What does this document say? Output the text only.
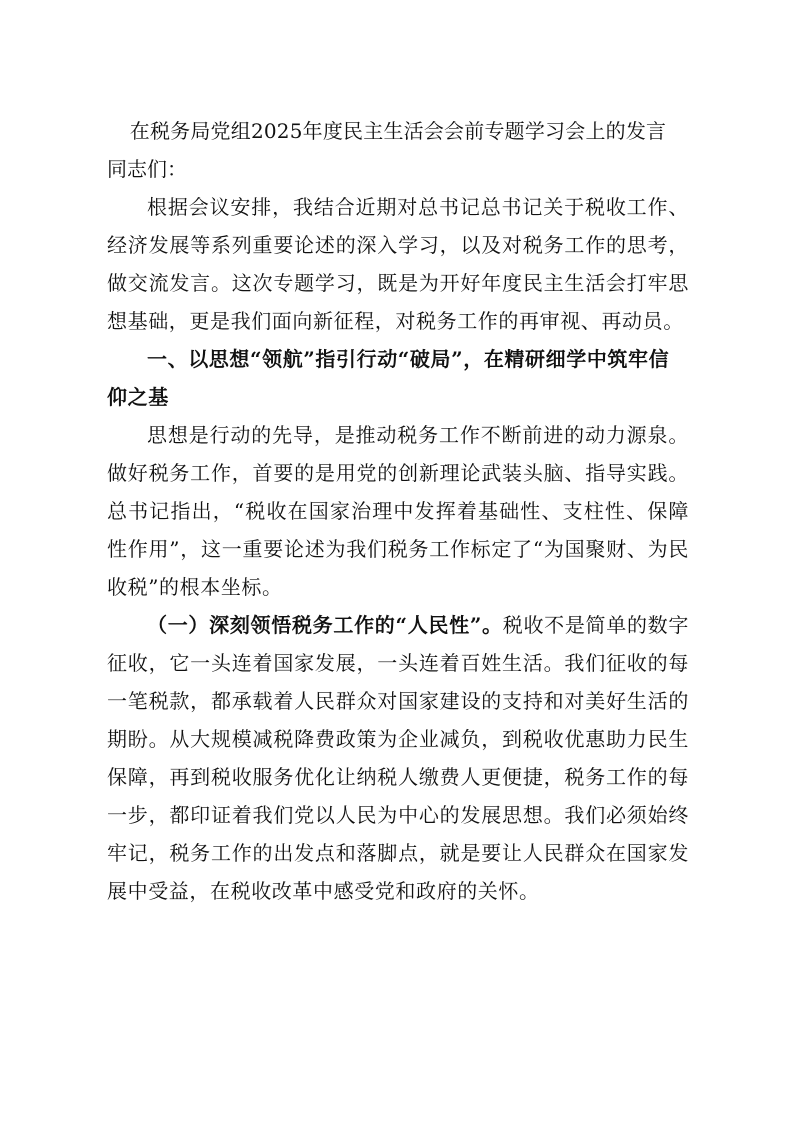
在税务局党组2025年度民主生活会会前专题学习会上的发言

同志们：

根据会议安排，我结合近期对总书记总书记关于税收工作、经济发展等系列重要论述的深入学习，以及对税务工作的思考，做交流发言。这次专题学习，既是为开好年度民主生活会打牢思想基础，更是我们面向新征程，对税务工作的再审视、再动员。

一、以思想“领航”指引行动“破局”，在精研细学中筑牢信仰之基

思想是行动的先导，是推动税务工作不断前进的动力源泉。做好税务工作，首要的是用党的创新理论武装头脑、指导实践。总书记指出，“税收在国家治理中发挥着基础性、支柱性、保障性作用”，这一重要论述为我们税务工作标定了“为国聚财、为民收税”的根本坐标。

（一）深刻领悟税务工作的“人民性”。税收不是简单的数字征收，它一头连着国家发展，一头连着百姓生活。我们征收的每一笔税款，都承载着人民群众对国家建设的支持和对美好生活的期盼。从大规模减税降费政策为企业减负，到税收优惠助力民生保障，再到税收服务优化让纳税人缴费人更便捷，税务工作的每一步，都印证着我们党以人民为中心的发展思想。我们必须始终牢记，税务工作的出发点和落脚点，就是要让人民群众在国家发展中受益，在税收改革中感受党和政府的关怀。
